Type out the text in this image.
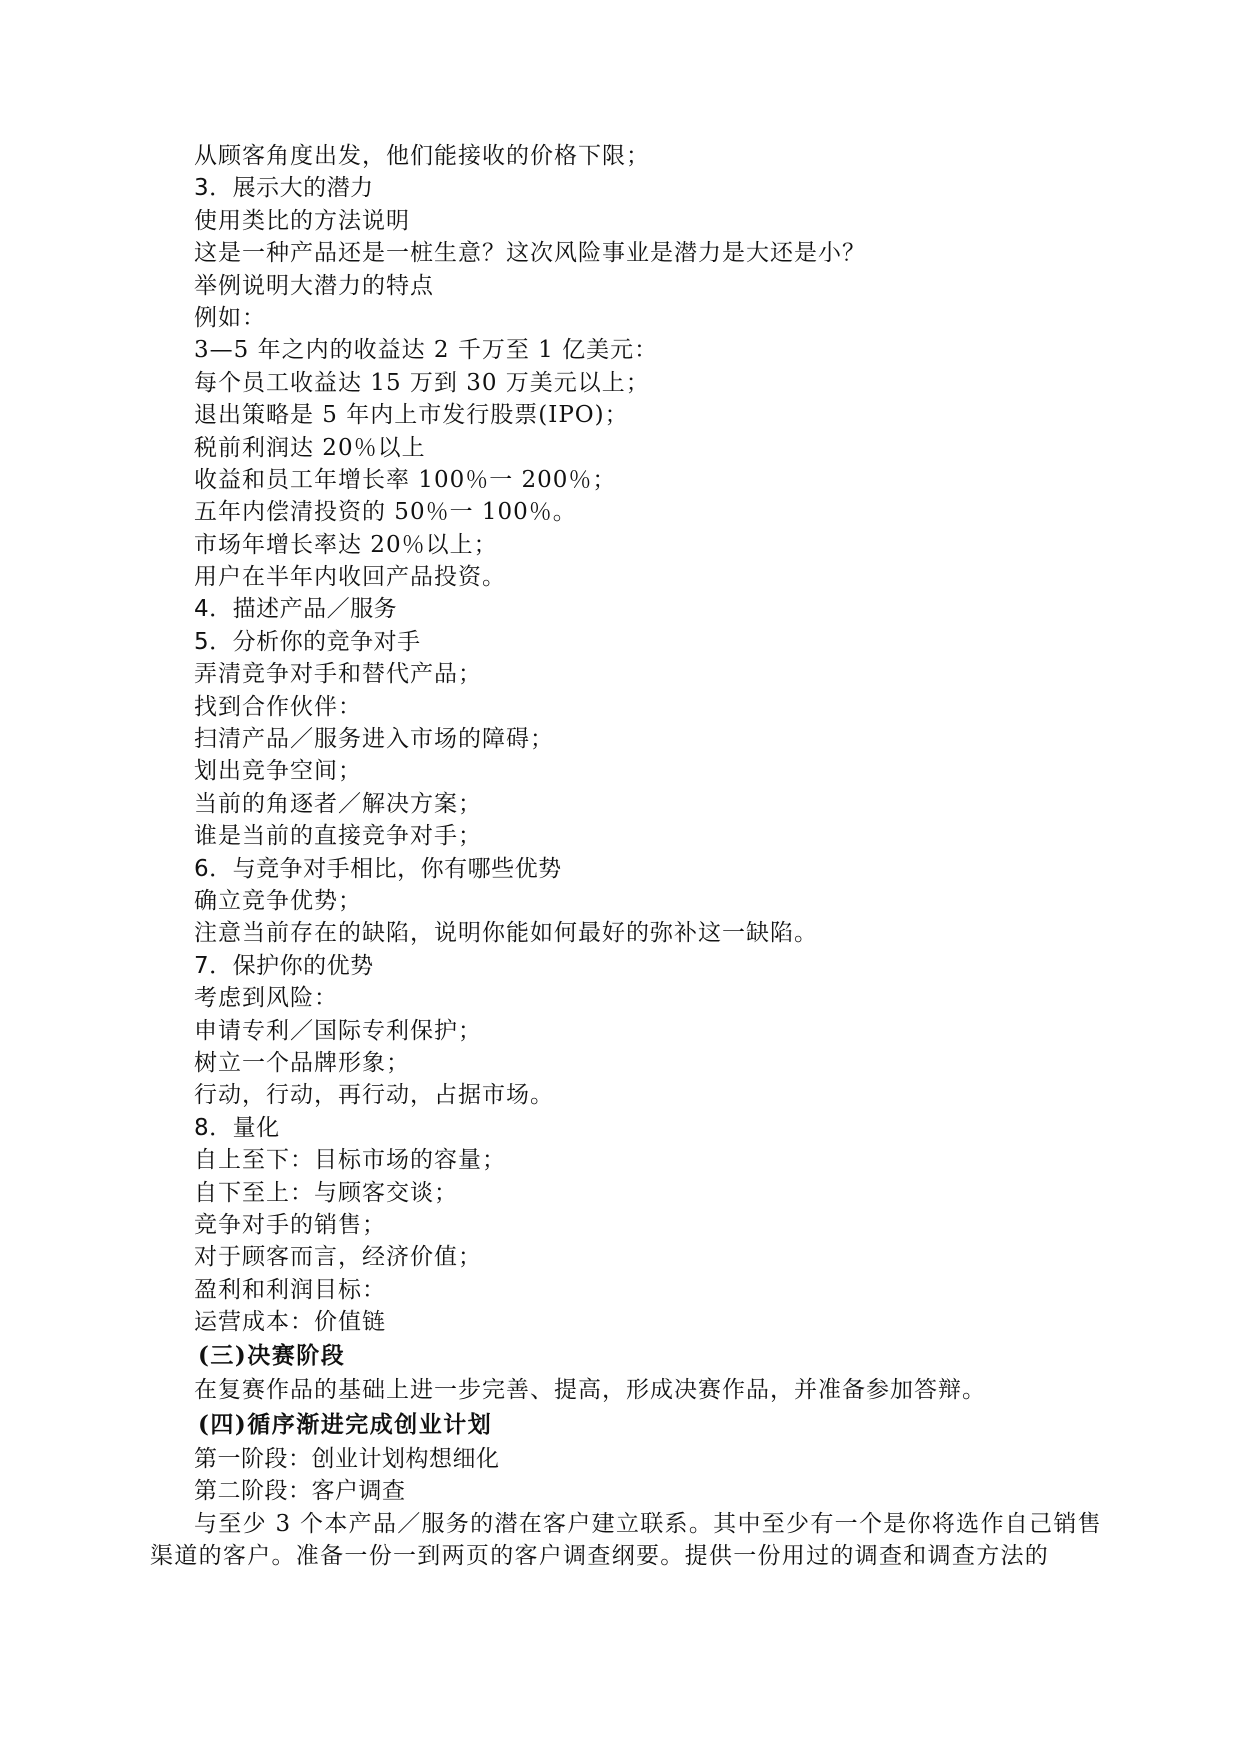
从顾客角度出发，他们能接收的价格下限；
3．展示大的潜力
使用类比的方法说明
这是一种产品还是一桩生意？这次风险事业是潜力是大还是小？
举例说明大潜力的特点
例如：
3—5 年之内的收益达 2 千万至 1 亿美元：
每个员工收益达 15 万到 30 万美元以上；
退出策略是 5 年内上市发行股票(IPO)；
税前利润达 20％以上
收益和员工年增长率 100％一 200％；
五年内偿清投资的 50％一 100％。
市场年增长率达 20％以上；
用户在半年内收回产品投资。
4．描述产品／服务
5．分析你的竞争对手
弄清竞争对手和替代产品；
找到合作伙伴：
扫清产品／服务进入市场的障碍；
划出竞争空间；
当前的角逐者／解决方案；
谁是当前的直接竞争对手；
6．与竞争对手相比，你有哪些优势
确立竞争优势；
注意当前存在的缺陷，说明你能如何最好的弥补这一缺陷。
7．保护你的优势
考虑到风险：
申请专利／国际专利保护；
树立一个品牌形象；
行动，行动，再行动，占据市场。
8．量化
自上至下：目标市场的容量；
自下至上：与顾客交谈；
竞争对手的销售；
对于顾客而言，经济价值；
盈利和利润目标：
运营成本：价值链
(三)决赛阶段
在复赛作品的基础上进一步完善、提高，形成决赛作品，并准备参加答辩。
(四)循序渐进完成创业计划
第一阶段：创业计划构想细化
第二阶段：客户调查
与至少 3 个本产品／服务的潜在客户建立联系。其中至少有一个是你将选作自己销售渠道的客户。准备一份一到两页的客户调查纲要。提供一份用过的调查和调查方法的
